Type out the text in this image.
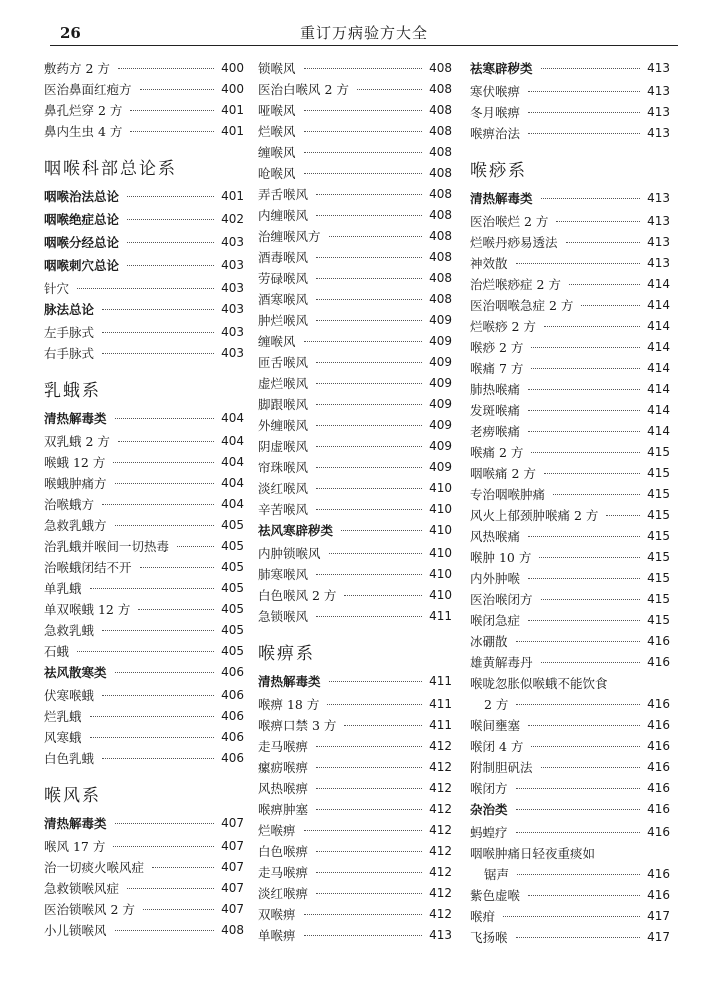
26	重订万病验方大全
敷药方 2 方	400
医治鼻面红疱方	400
鼻孔烂穿 2 方	401
鼻内生虫 4 方	401
咽喉科部总论系
咽喉治法总论	401
咽喉绝症总论	402
咽喉分经总论	403
咽喉刺穴总论	403
针穴	403
脉法总论	403
左手脉式	403
右手脉式	403
乳蛾系
清热解毒类	404
双乳蛾 2 方	404
喉蛾 12 方	404
喉蛾肿痛方	404
治喉蛾方	404
急救乳蛾方	405
治乳蛾并喉间一切热毒	405
治喉蛾闭结不开	405
单乳蛾	405
单双喉蛾 12 方	405
急救乳蛾	405
石蛾	405
祛风散寒类	406
伏寒喉蛾	406
烂乳蛾	406
风寒蛾	406
白色乳蛾	406
喉风系
清热解毒类	407
喉风 17 方	407
治一切痰火喉风症	407
急救锁喉风症	407
医治锁喉风 2 方	407
小儿锁喉风	408
锁喉风	408
医治白喉风 2 方	408
哑喉风	408
烂喉风	408
缠喉风	408
呛喉风	408
弄舌喉风	408
内缠喉风	408
治缠喉风方	408
酒毒喉风	408
劳碌喉风	408
酒寒喉风	408
肿烂喉风	409
缠喉风	409
匝舌喉风	409
虚烂喉风	409
脚跟喉风	409
外缠喉风	409
阴虚喉风	409
帘珠喉风	409
淡红喉风	410
辛苦喉风	410
祛风寒辟秽类	410
内肿锁喉风	410
肺寒喉风	410
白色喉风 2 方	410
急锁喉风	411
喉痹系
清热解毒类	411
喉痹 18 方	411
喉痹口禁 3 方	411
走马喉痹	412
瘰疬喉痹	412
风热喉痹	412
喉痹肿塞	412
烂喉痹	412
白色喉痹	412
走马喉痹	412
淡红喉痹	412
双喉痹	412
单喉痹	413
祛寒辟秽类	413
寒伏喉痹	413
冬月喉痹	413
喉痹治法	413
喉痧系
清热解毒类	413
医治喉烂 2 方	413
烂喉丹痧易透法	413
神效散	413
治烂喉痧症 2 方	414
医治咽喉急症 2 方	414
烂喉痧 2 方	414
喉痧 2 方	414
喉痛 7 方	414
肺热喉痛	414
发斑喉痛	414
老痨喉痛	414
喉痛 2 方	415
咽喉痛 2 方	415
专治咽喉肿痛	415
风火上郁颈肿喉痛 2 方	415
风热喉痛	415
喉肿 10 方	415
内外肿喉	415
医治喉闭方	415
喉闭急症	415
冰硼散	416
雄黄解毒丹	416
喉咙忽胀似喉蛾不能饮食
2 方	416
喉间壅塞	416
喉闭 4 方	416
附制胆矾法	416
喉闭方	416
杂治类	416
蚂蝗疗	416
咽喉肿痛日轻夜重痰如
锯声	416
紫色虚喉	416
喉疳	417
飞扬喉	417
